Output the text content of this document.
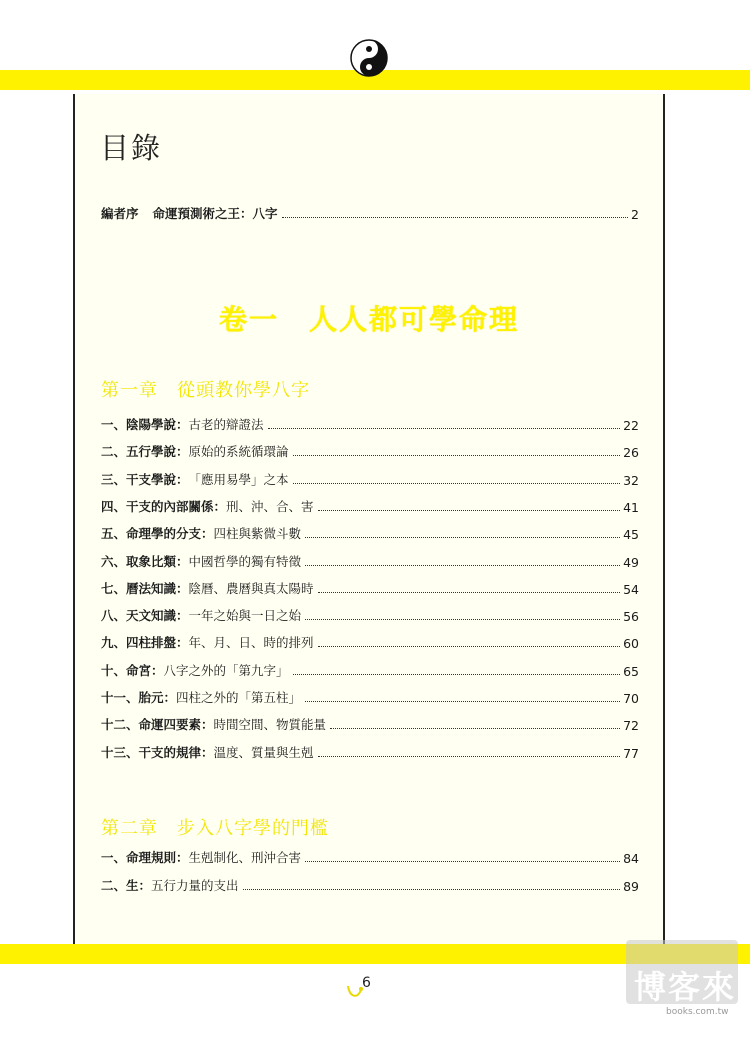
目錄
編者序 命運預測術之王：八字	2
卷一　人人都可學命理
第一章　從頭教你學八字
一、陰陽學說： 古老的辯證法	22
二、五行學說： 原始的系統循環論	26
三、干支學說： 「應用易學」之本	32
四、干支的內部關係： 刑、沖、合、害	41
五、命理學的分支： 四柱與紫微斗數	45
六、取象比類： 中國哲學的獨有特徵	49
七、曆法知識： 陰曆、農曆與真太陽時	54
八、天文知識： 一年之始與一日之始	56
九、四柱排盤： 年、月、日、時的排列	60
十、命宮： 八字之外的「第九字」	65
十一、胎元： 四柱之外的「第五柱」	70
十二、命運四要素： 時間空間、物質能量	72
十三、干支的規律： 溫度、質量與生剋	77
第二章　步入八字學的門檻
一、命理規則： 生剋制化、刑沖合害	84
二、生： 五行力量的支出	89
6	博客來
books.com.tw
